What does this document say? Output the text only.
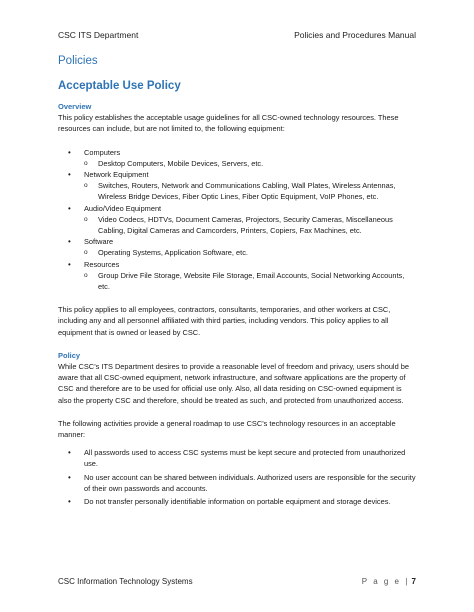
CSC ITS Department	Policies and Procedures Manual
Policies
Acceptable Use Policy
Overview
This policy establishes the acceptable usage guidelines for all CSC-owned technology resources. These resources can include, but are not limited to, the following equipment:
• Computers
o Desktop Computers, Mobile Devices, Servers, etc.
• Network Equipment
o Switches, Routers, Network and Communications Cabling, Wall Plates, Wireless Antennas, Wireless Bridge Devices, Fiber Optic Lines, Fiber Optic Equipment, VoIP Phones, etc.
• Audio/Video Equipment
o Video Codecs, HDTVs, Document Cameras, Projectors, Security Cameras, Miscellaneous Cabling, Digital Cameras and Camcorders, Printers, Copiers, Fax Machines, etc.
• Software
o Operating Systems, Application Software, etc.
• Resources
o Group Drive File Storage, Website File Storage, Email Accounts, Social Networking Accounts, etc.
This policy applies to all employees, contractors, consultants, temporaries, and other workers at CSC, including any and all personnel affiliated with third parties, including vendors. This policy applies to all equipment that is owned or leased by CSC.
Policy
While CSC’s ITS Department desires to provide a reasonable level of freedom and privacy, users should be aware that all CSC-owned equipment, network infrastructure, and software applications are the property of CSC and therefore are to be used for official use only. Also, all data residing on CSC-owned equipment is also the property CSC and therefore, should be treated as such, and protected from unauthorized access.
The following activities provide a general roadmap to use CSC’s technology resources in an acceptable manner:
• All passwords used to access CSC systems must be kept secure and protected from unauthorized use.
• No user account can be shared between individuals. Authorized users are responsible for the security of their own passwords and accounts.
• Do not transfer personally identifiable information on portable equipment and storage devices.
CSC Information Technology Systems	P a g e | 7
